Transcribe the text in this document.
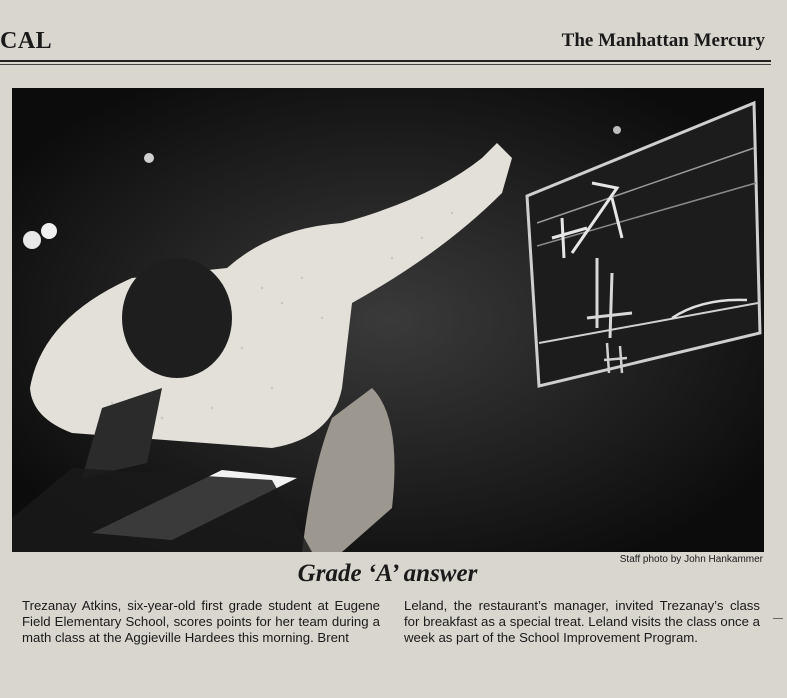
CAL	The Manhattan Mercury
Staff photo by John Hankammer
Grade ‘A’ answer
Trezanay Atkins, six-year-old first grade student at Eugene Field Elementary School, scores points for her team during a math class at the Aggieville Hardees this morning. Brent
Leland, the restaurant’s manager, invited Trezanay’s class for breakfast as a special treat. Leland visits the class once a week as part of the School Improvement Program.
